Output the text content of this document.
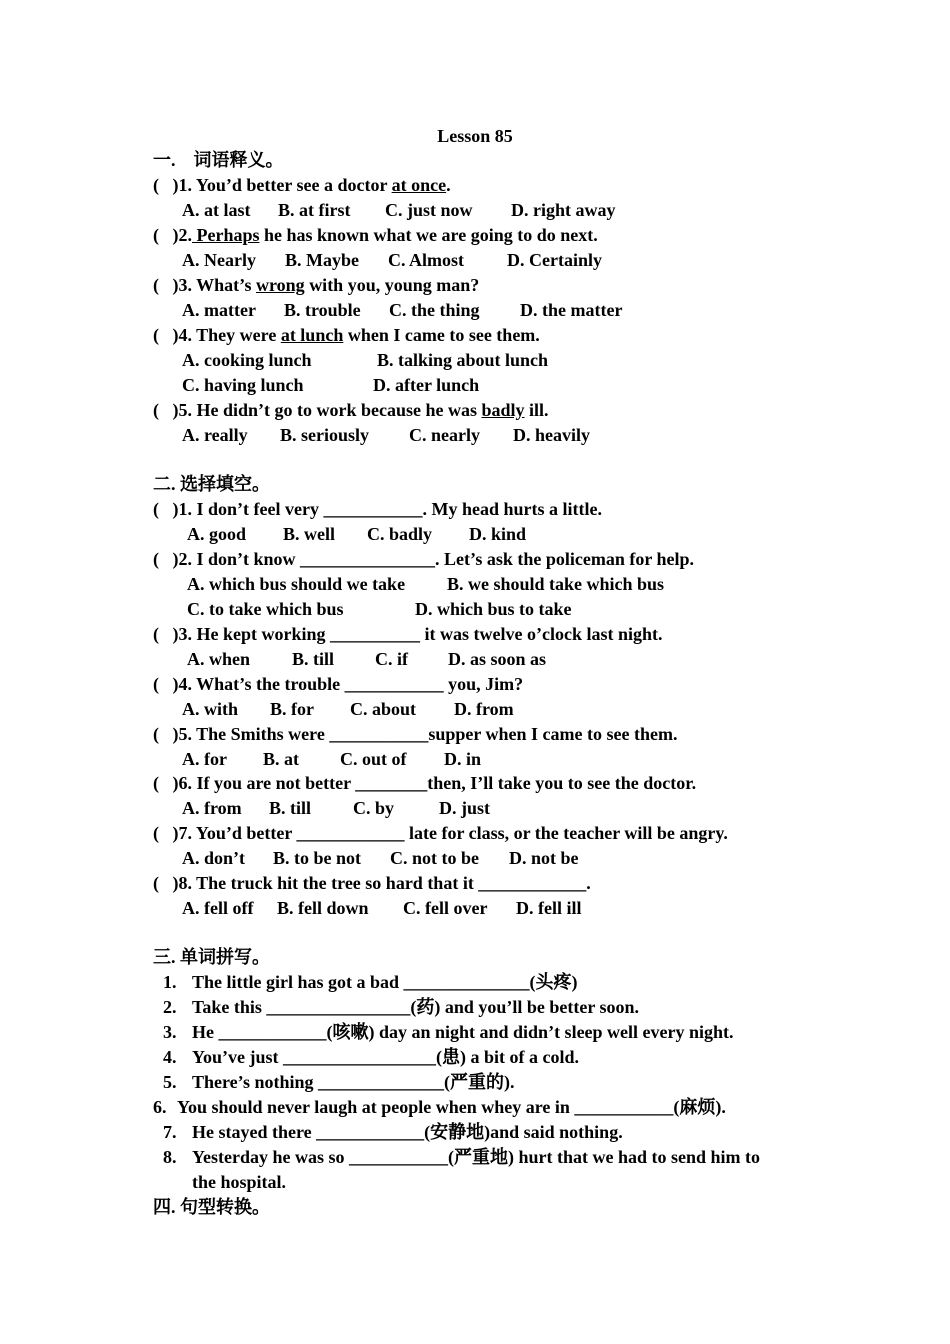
Lesson 85
一.    词语释义。
(   )1. You’d better see a doctor at once.
A. at last B. at first C. just now D. right away
(   )2. Perhaps he has known what we are going to do next.
A. Nearly B. Maybe C. Almost D. Certainly
(   )3. What’s wrong with you, young man?
A. matter B. trouble C. the thing D. the matter
(   )4. They were at lunch when I came to see them.
A. cooking lunch	B. talking about lunch
C. having lunch	D. after lunch
(   )5. He didn’t go to work because he was badly ill.
A. really B. seriously C. nearly D. heavily
二. 选择填空。
(   )1. I don’t feel very ___________. My head hurts a little.
A. good B. well C. badly D. kind
(   )2. I don’t know _______________. Let’s ask the policeman for help.
A. which bus should we take B. we should take which bus
C. to take which bus	D. which bus to take
(   )3. He kept working __________ it was twelve o’clock last night.
A. when B. till C. if D. as soon as
(   )4. What’s the trouble ___________ you, Jim?
A. with B. for C. about D. from
(   )5. The Smiths were ___________supper when I came to see them.
A. for B. at C. out of D. in
(   )6. If you are not better ________then, I’ll take you to see the doctor.
A. from B. till C. by D. just
(   )7. You’d better ____________ late for class, or the teacher will be angry.
A. don’t B. to be not C. not to be D. not be
(   )8. The truck hit the tree so hard that it ____________.
A. fell off B. fell down C. fell over D. fell ill
三. 单词拼写。
1. The little girl has got a bad ______________(头疼)
2. Take this ________________(药) and you’ll be better soon.
3. He ____________(咳嗽) day an night and didn’t sleep well every night.
4. You’ve just _________________(患) a bit of a cold.
5. There’s nothing ______________(严重的).
6. You should never laugh at people when whey are in ___________(麻烦).
7. He stayed there ____________(安静地)and said nothing.
8. Yesterday he was so ___________(严重地) hurt that we had to send him to
the hospital.
四. 句型转换。
